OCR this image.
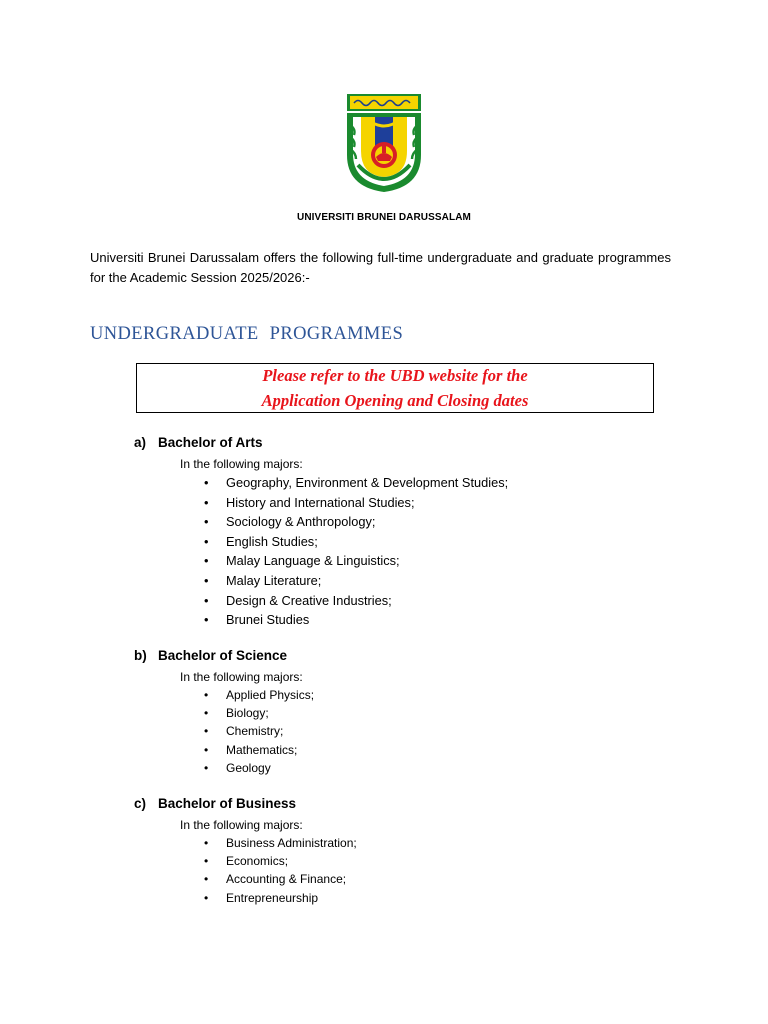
UNIVERSITI BRUNEI DARUSSALAM

Universiti Brunei Darussalam offers the following full-time undergraduate and graduate programmes for the Academic Session 2025/2026:-

UNDERGRADUATE PROGRAMMES
Please refer to the UBD website for the
Application Opening and Closing dates
a) Bachelor of Arts
In the following majors:
• Geography, Environment & Development Studies;
• History and International Studies;
• Sociology & Anthropology;
• English Studies;
• Malay Language & Linguistics;
• Malay Literature;
• Design & Creative Industries;
• Brunei Studies
b) Bachelor of Science
In the following majors:
• Applied Physics;
• Biology;
• Chemistry;
• Mathematics;
• Geology
c) Bachelor of Business
In the following majors:
• Business Administration;
• Economics;
• Accounting & Finance;
• Entrepreneurship
